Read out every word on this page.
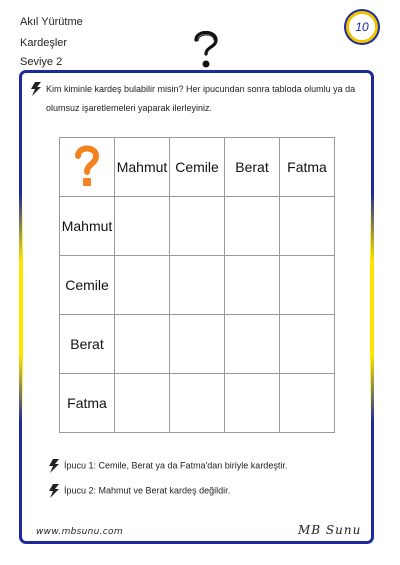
Akıl Yürütme
Kardeşler
Seviye 2
10

Kim kiminle kardeş bulabilir misin? Her ipucundan sonra tabloda olumlu ya da olumsuz işaretlemeleri yaparak ilerleyiniz.

	Mahmut	Cemile	Berat	Fatma
Mahmut				
Cemile				
Berat				
Fatma				
İpucu 1: Cemile, Berat ya da Fatma'dan biriyle kardeştir.
İpucu 2: Mahmut ve Berat kardeş değildir.
www.mbsunu.com	MB Sunu
